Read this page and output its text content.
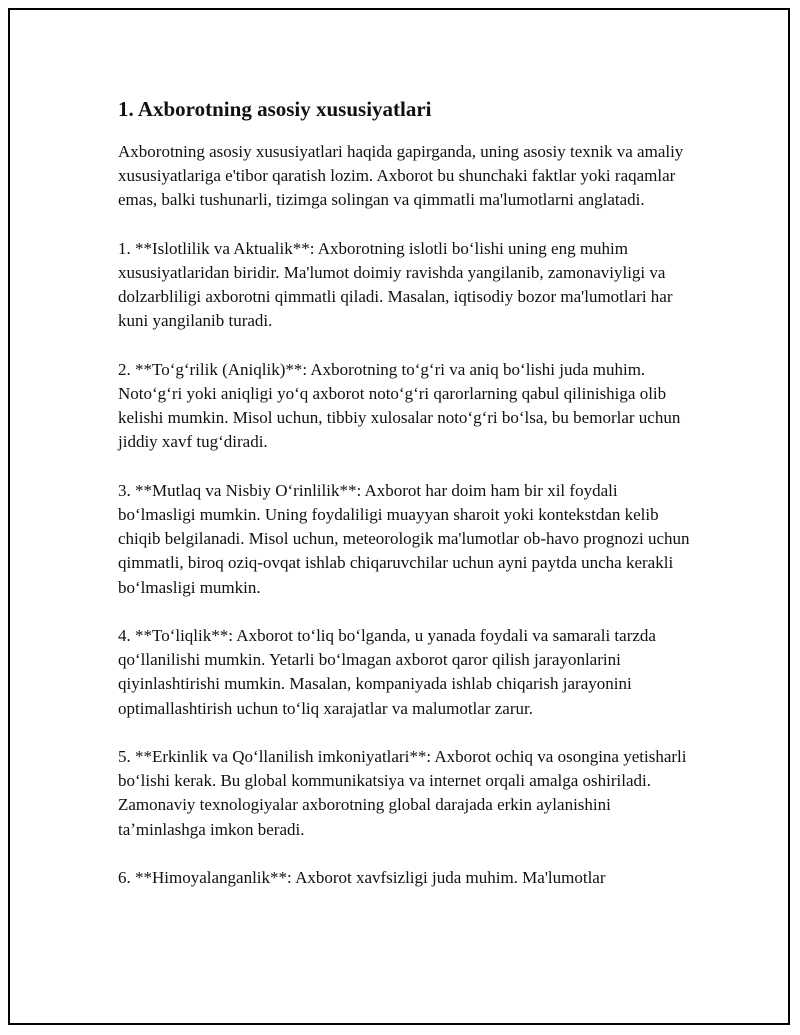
1. Axborotning asosiy xususiyatlari

Axborotning asosiy xususiyatlari haqida gapirganda, uning asosiy texnik va amaliy xususiyatlariga e'tibor qaratish lozim. Axborot bu shunchaki faktlar yoki raqamlar emas, balki tushunarli, tizimga solingan va qimmatli ma'lumotlarni anglatadi.

1. **Islotlilik va Aktualik**: Axborotning islotli boʻlishi uning eng muhim xususiyatlaridan biridir. Ma'lumot doimiy ravishda yangilanib, zamonaviyligi va dolzarbliligi axborotni qimmatli qiladi. Masalan, iqtisodiy bozor ma'lumotlari har kuni yangilanib turadi.

2. **Toʻgʻrilik (Aniqlik)**: Axborotning toʻgʻri va aniq boʻlishi juda muhim. Notoʻgʻri yoki aniqligi yoʻq axborot notoʻgʻri qarorlarning qabul qilinishiga olib kelishi mumkin. Misol uchun, tibbiy xulosalar notoʻgʻri boʻlsa, bu bemorlar uchun jiddiy xavf tugʻdiradi.

3. **Mutlaq va Nisbiy Oʻrinlilik**: Axborot har doim ham bir xil foydali boʻlmasligi mumkin. Uning foydaliligi muayyan sharoit yoki kontekstdan kelib chiqib belgilanadi. Misol uchun, meteorologik ma'lumotlar ob-havo prognozi uchun qimmatli, biroq oziq-ovqat ishlab chiqaruvchilar uchun ayni paytda uncha kerakli boʻlmasligi mumkin.

4. **Toʻliqlik**: Axborot toʻliq boʻlganda, u yanada foydali va samarali tarzda qoʻllanilishi mumkin. Yetarli boʻlmagan axborot qaror qilish jarayonlarini qiyinlashtirishi mumkin. Masalan, kompaniyada ishlab chiqarish jarayonini optimallashtirish uchun toʻliq xarajatlar va malumotlar zarur.

5. **Erkinlik va Qoʻllanilish imkoniyatlari**: Axborot ochiq va osongina yetisharli boʻlishi kerak. Bu global kommunikatsiya va internet orqali amalga oshiriladi. Zamonaviy texnologiyalar axborotning global darajada erkin aylanishini taʼminlashga imkon beradi.

6. **Himoyalanganlik**: Axborot xavfsizligi juda muhim. Ma'lumotlar
